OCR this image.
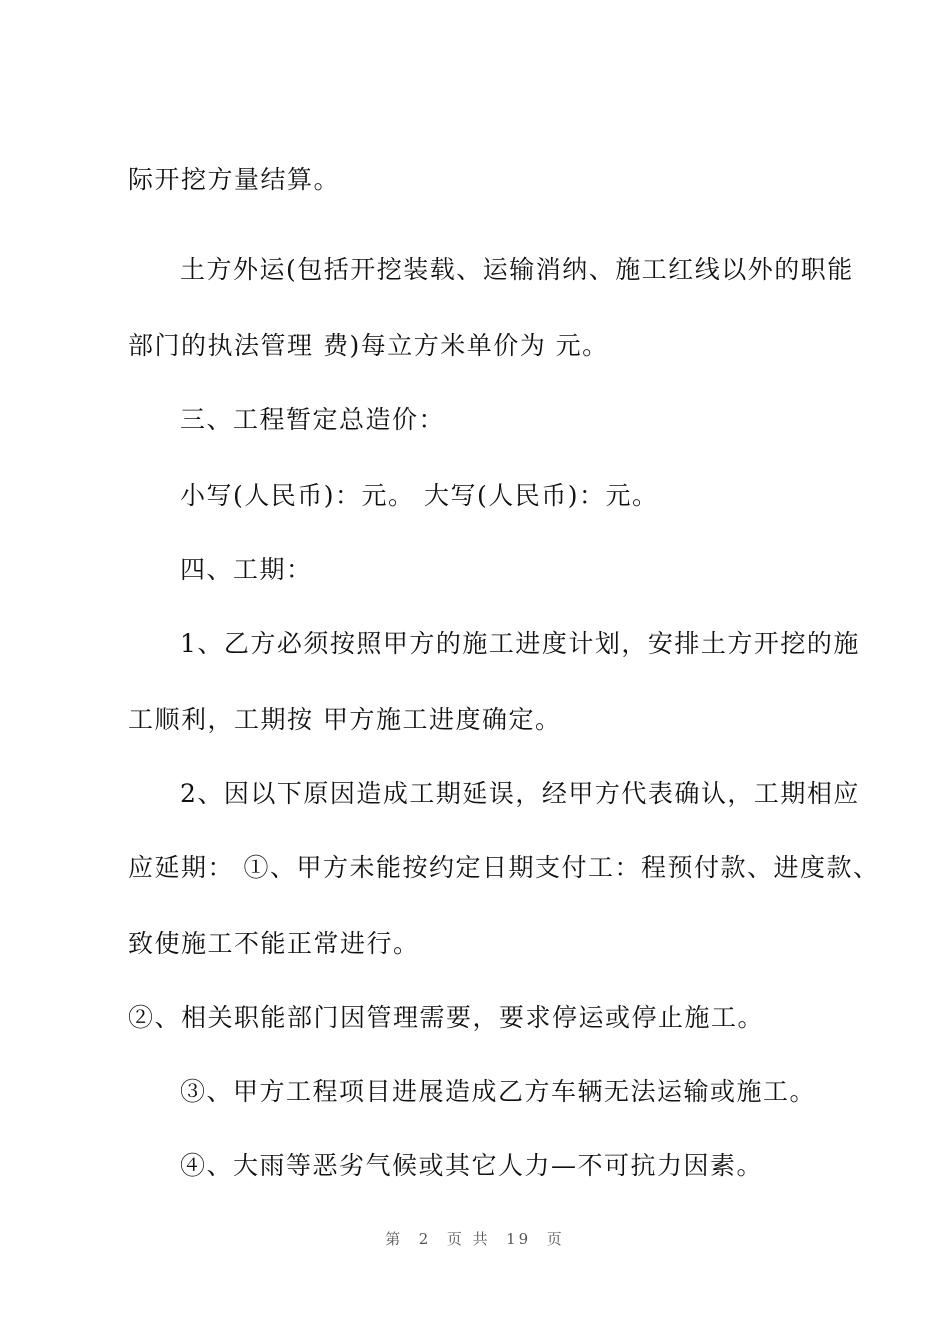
际开挖方量结算。
土方外运(包括开挖装载、运输消纳、施工红线以外的职能
部门的执法管理 费)每立方米单价为 元。
三、工程暂定总造价：
小写(人民币)：元。 大写(人民币)：元。
四、工期：
1、乙方必须按照甲方的施工进度计划，安排土方开挖的施
工顺利，工期按 甲方施工进度确定。
2、因以下原因造成工期延误，经甲方代表确认，工期相应
应延期： ①、甲方未能按约定日期支付工：程预付款、进度款、
致使施工不能正常进行。
②、相关职能部门因管理需要，要求停运或停止施工。
③、甲方工程项目进展造成乙方车辆无法运输或施工。
④、大雨等恶劣气候或其它人力—不可抗力因素。
第  2  页 共  19  页
